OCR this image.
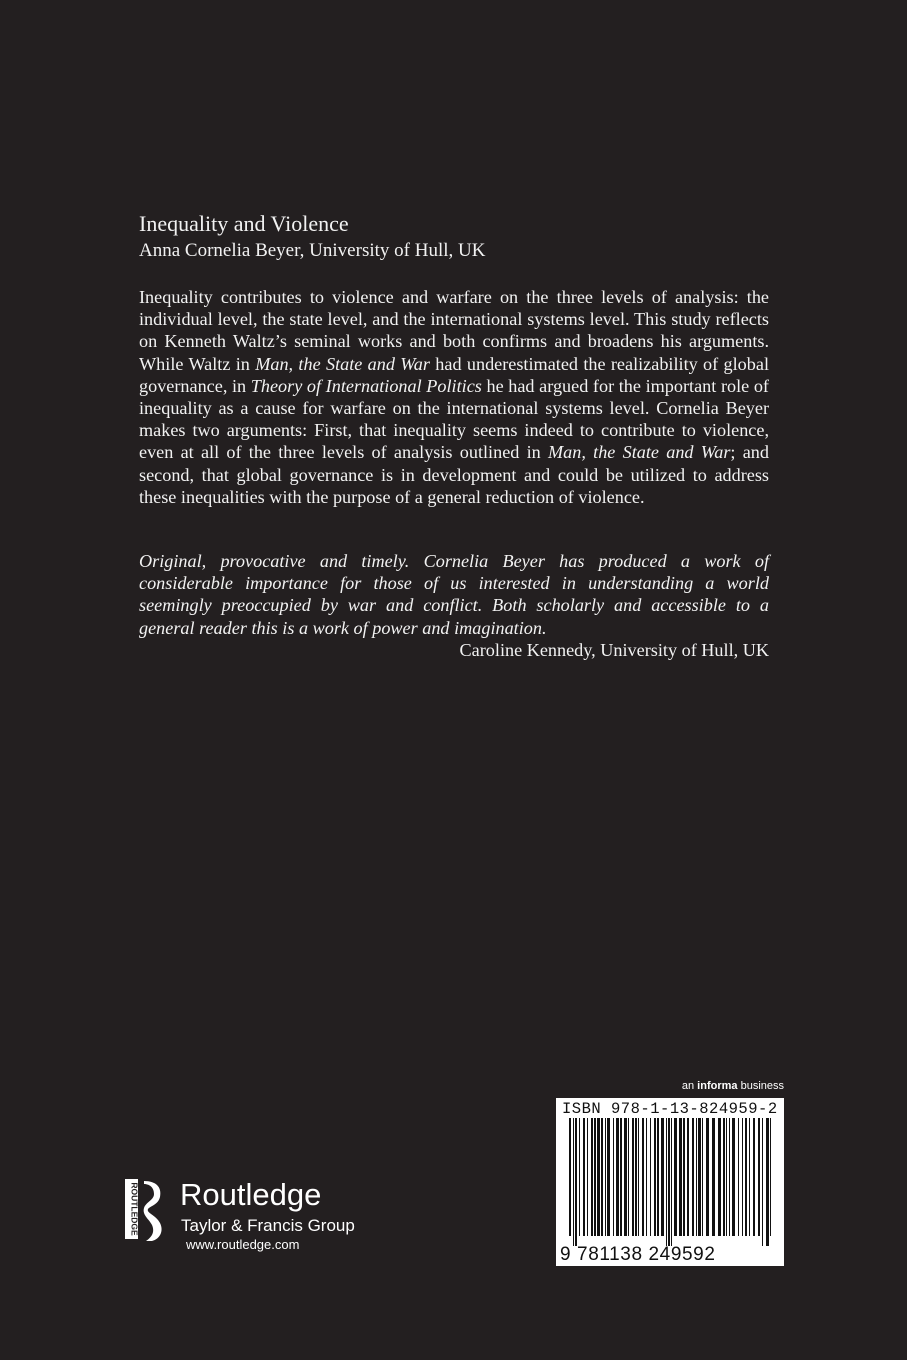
Inequality and Violence

Anna Cornelia Beyer, University of Hull, UK

Inequality contributes to violence and warfare on the three levels of analysis: the individual level, the state level, and the international systems level. This study reflects on Kenneth Waltz’s seminal works and both confirms and broadens his arguments. While Waltz in Man, the State and War had underestimated the realizability of global governance, in Theory of International Politics he had argued for the important role of inequality as a cause for warfare on the international systems level. Cornelia Beyer makes two arguments: First, that inequality seems indeed to contribute to violence, even at all of the three levels of analysis outlined in Man, the State and War; and second, that global governance is in development and could be utilized to address these inequalities with the purpose of a general reduction of violence.

Original, provocative and timely. Cornelia Beyer has produced a work of considerable importance for those of us interested in understanding a world seemingly preoccupied by war and conflict. Both scholarly and accessible to a general reader this is a work of power and imagination.

Caroline Kennedy, University of Hull, UK

an informa business
ISBN 978-1-13-824959-2
9 781138 249592
ROUTLEDGE Routledge
Taylor & Francis Group
www.routledge.com
